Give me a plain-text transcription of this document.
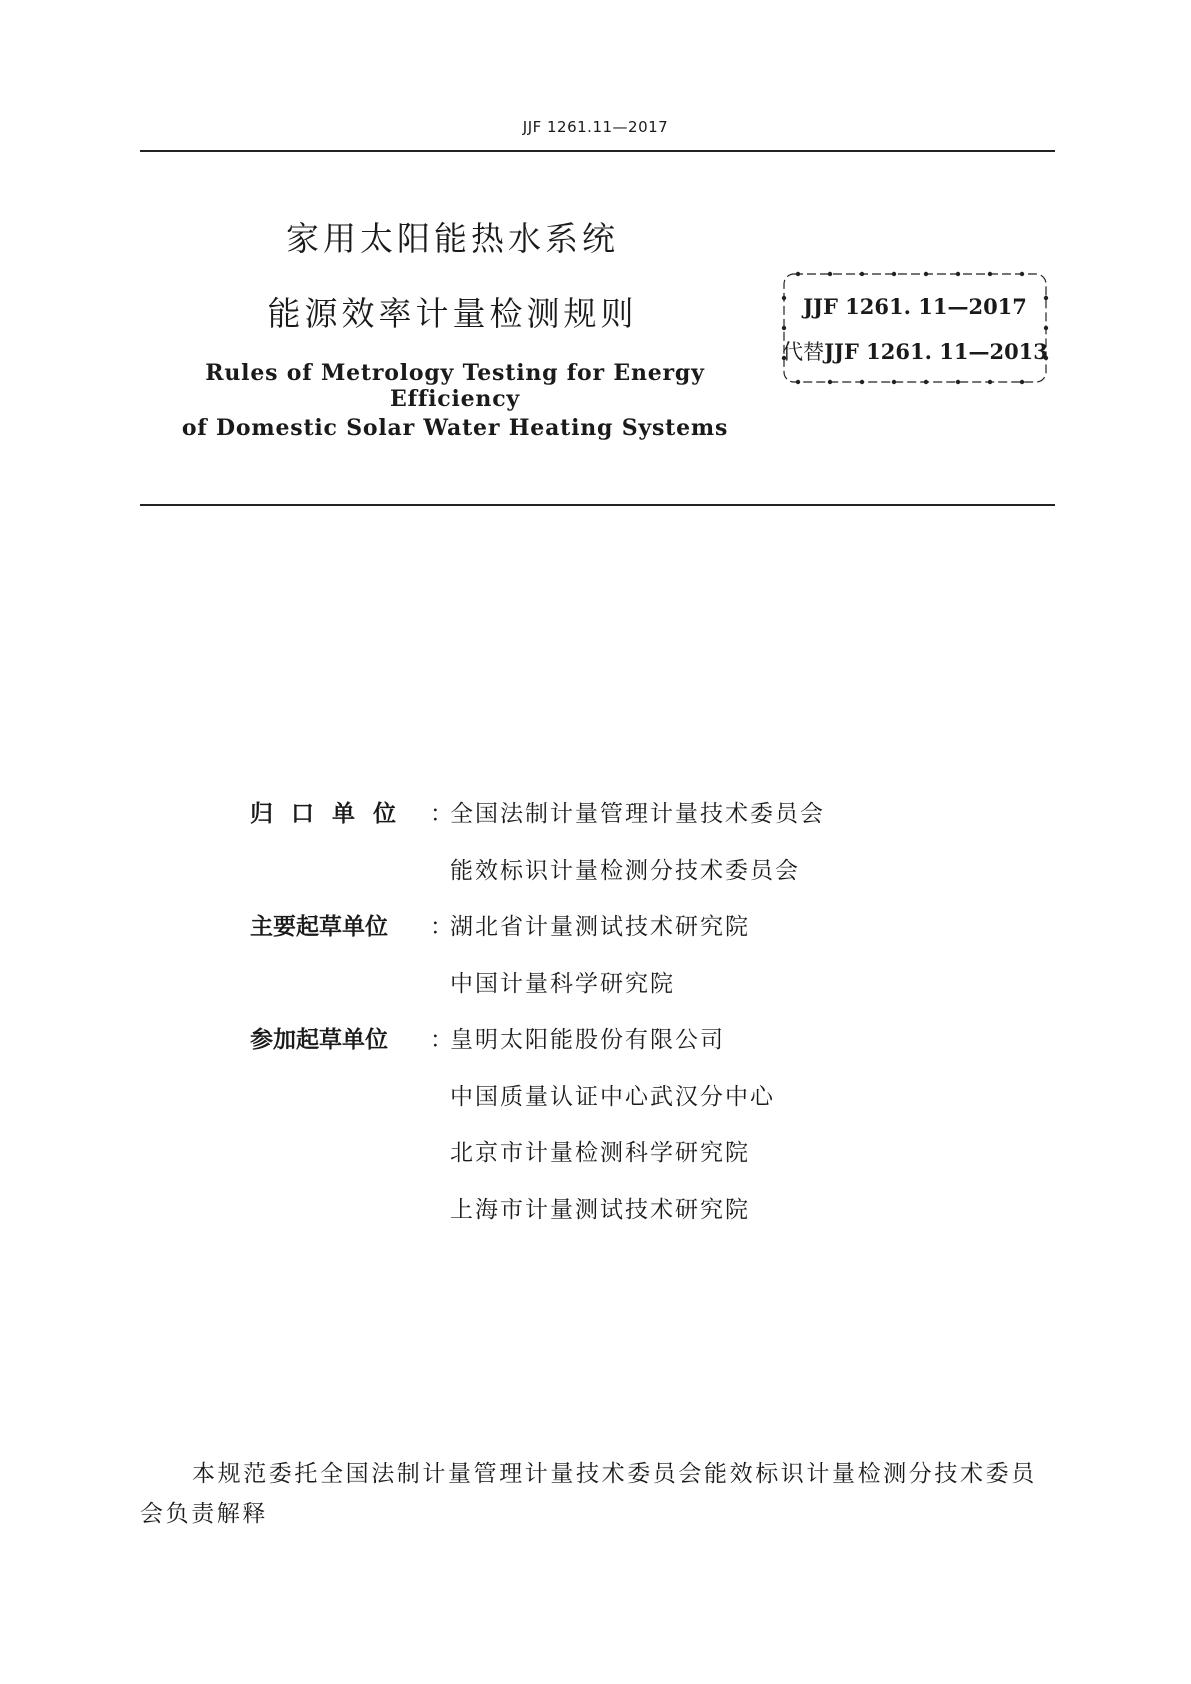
JJF 1261.11—2017
家用太阳能热水系统
能源效率计量检测规则
Rules of Metrology Testing for Energy Efficiency
of Domestic Solar Water Heating Systems
JJF 1261. 11—2017
代替JJF 1261. 11—2013
归口单位 ：
全国法制计量管理计量技术委员会
能效标识计量检测分技术委员会
主要起草单位	：
湖北省计量测试技术研究院
中国计量科学研究院
参加起草单位	：
皇明太阳能股份有限公司
中国质量认证中心武汉分中心
北京市计量检测科学研究院
上海市计量测试技术研究院
本规范委托全国法制计量管理计量技术委员会能效标识计量检测分技术委员会负责解释
